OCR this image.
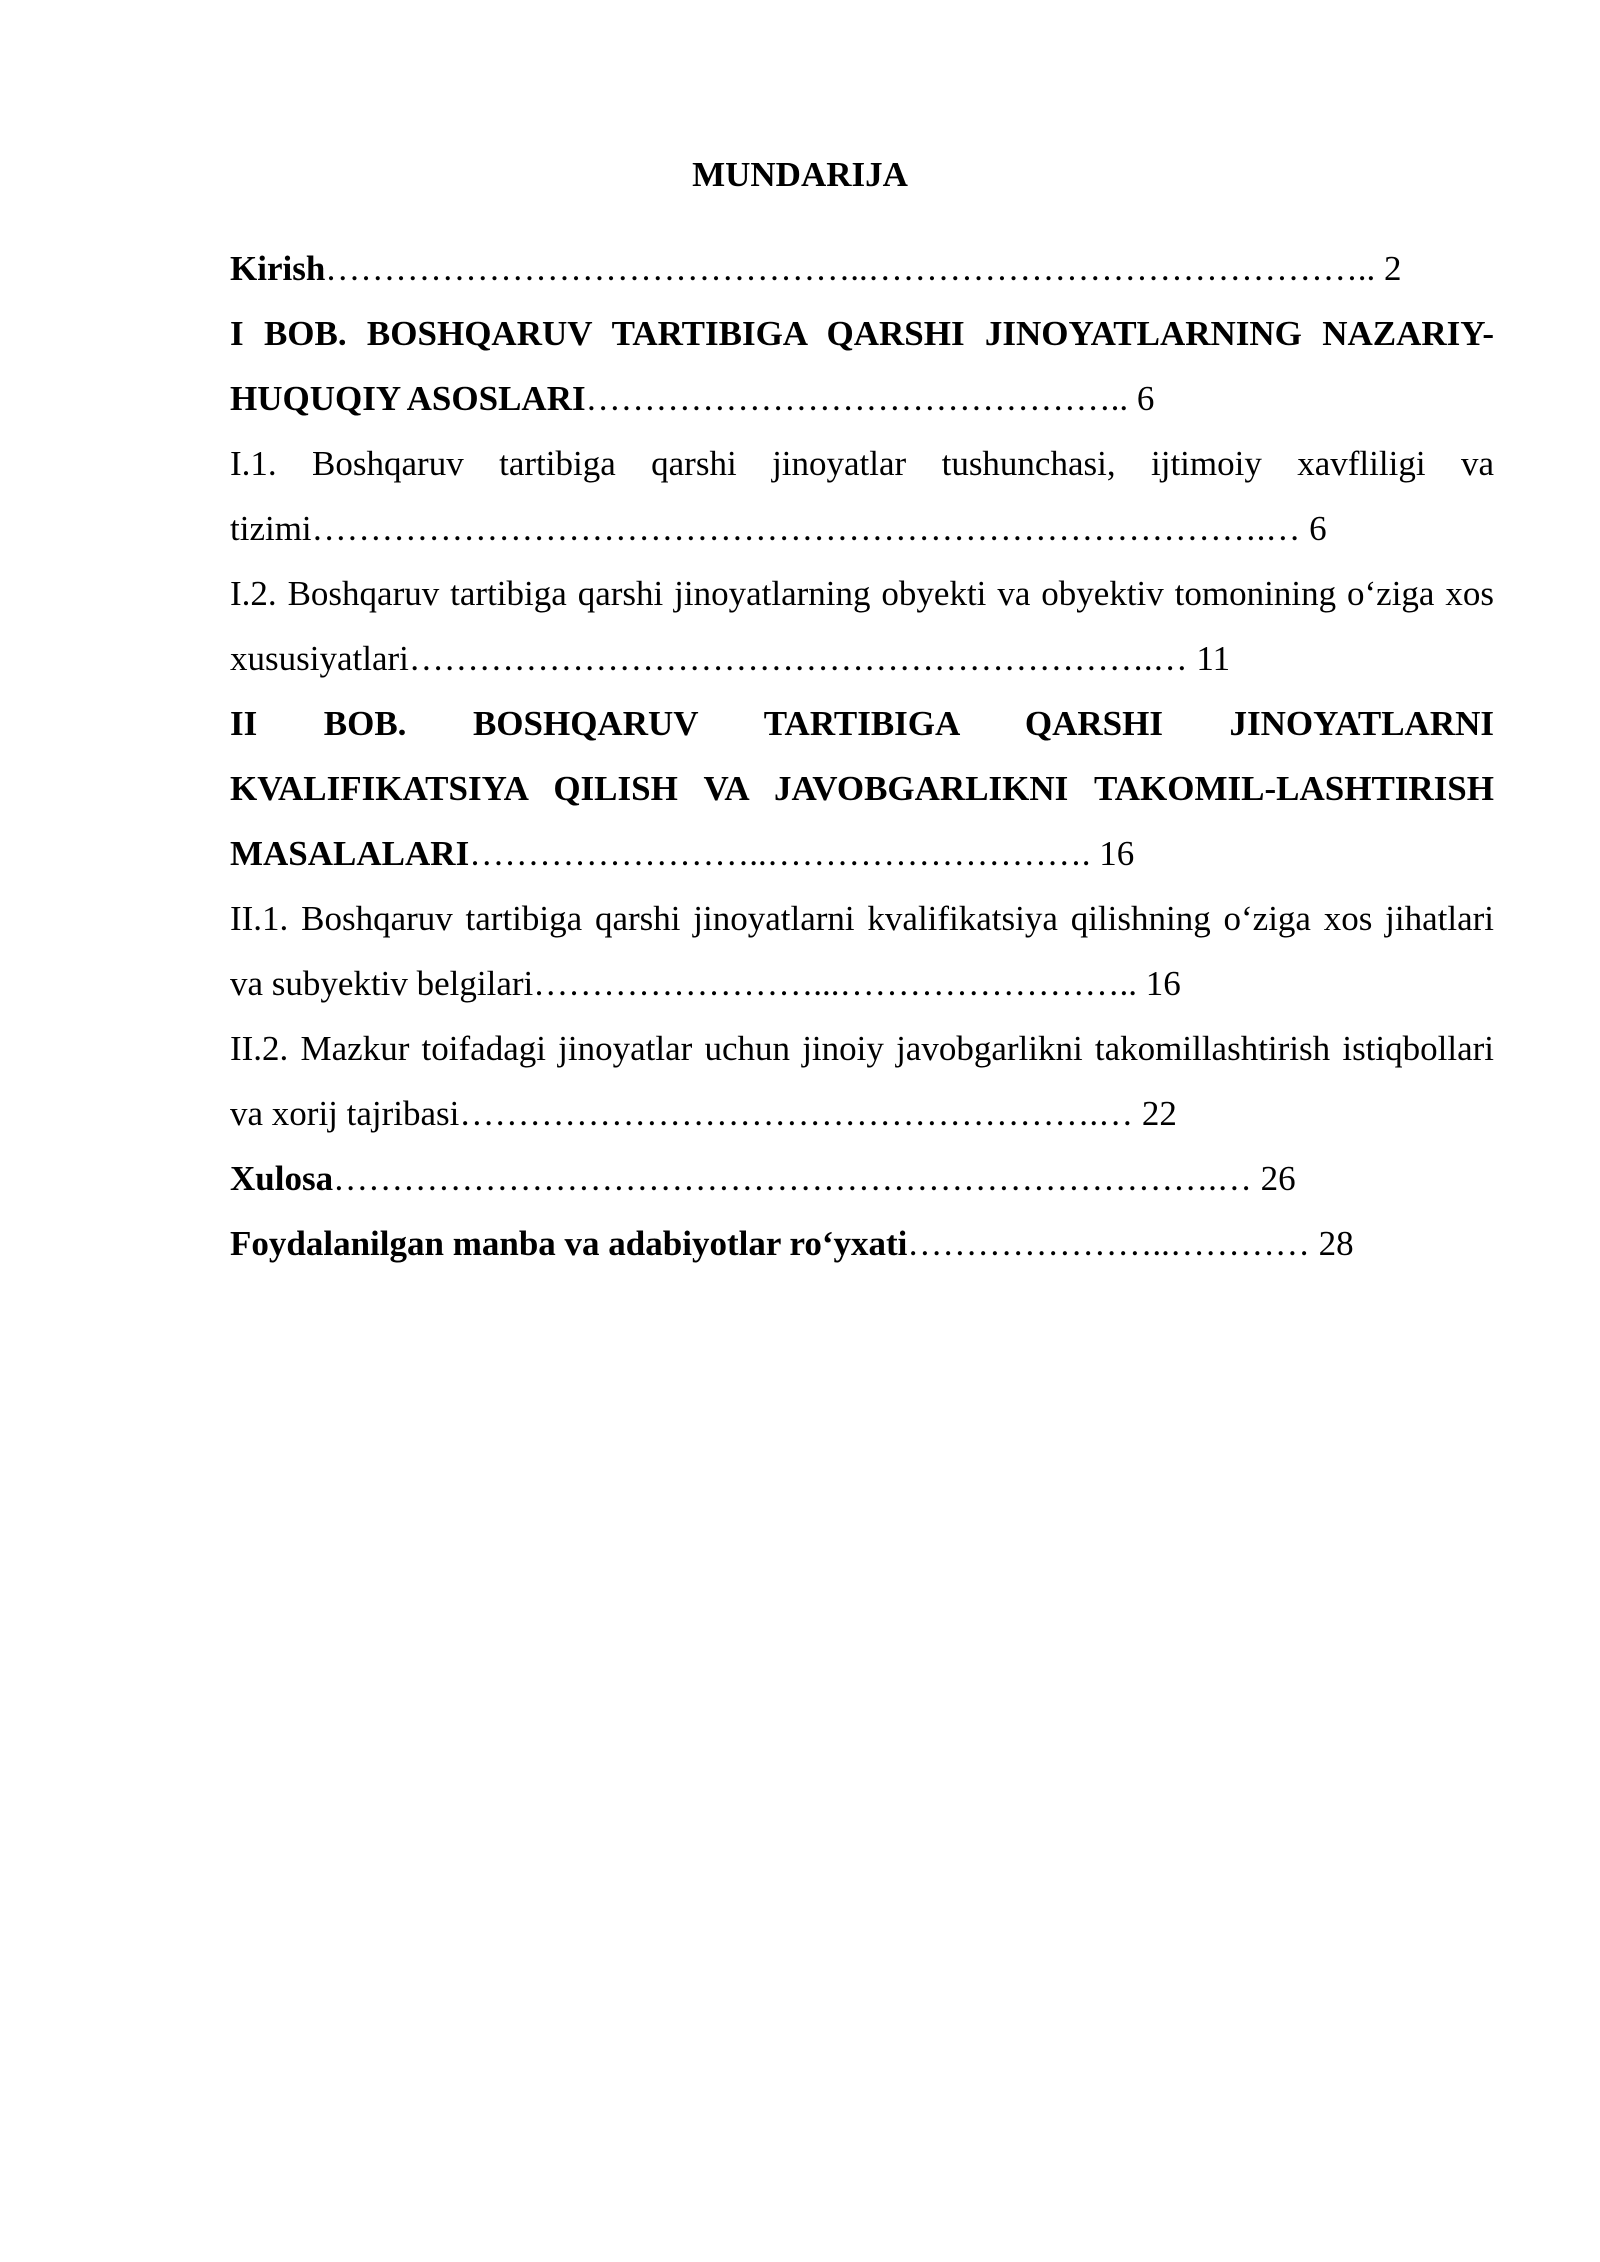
MUNDARIJA

Kirish………………………………………..…………………………………….. 2

I BOB. BOSHQARUV TARTIBIGA QARSHI JINOYATLARNING NAZARIY-HUQUQIY ASOSLARI……………………………………….. 6

I.1. Boshqaruv tartibiga qarshi jinoyatlar tushunchasi, ijtimoiy xavfliligi va tizimi……………………………………………………………………….… 6

I.2. Boshqaruv tartibiga qarshi jinoyatlarning obyekti va obyektiv tomonining o‘ziga xos xususiyatlari……………………………………………………….… 11

II BOB. BOSHQARUV TARTIBIGA QARSHI JINOYATLARNI KVALIFIKATSIYA QILISH VA JAVOBGARLIKNI TAKOMIL-LASHTIRISH MASALALARI……………………..………………………. 16

II.1. Boshqaruv tartibiga qarshi jinoyatlarni kvalifikatsiya qilishning o‘ziga xos jihatlari va subyektiv belgilari……………………...…………………….. 16

II.2. Mazkur toifadagi jinoyatlar uchun jinoiy javobgarlikni takomillashtirish istiqbollari va xorij tajribasi……………………………………………….… 22

Xulosa………………………………………………………………….… 26

Foydalanilgan manba va adabiyotlar ro‘yxati…………………..………… 28
